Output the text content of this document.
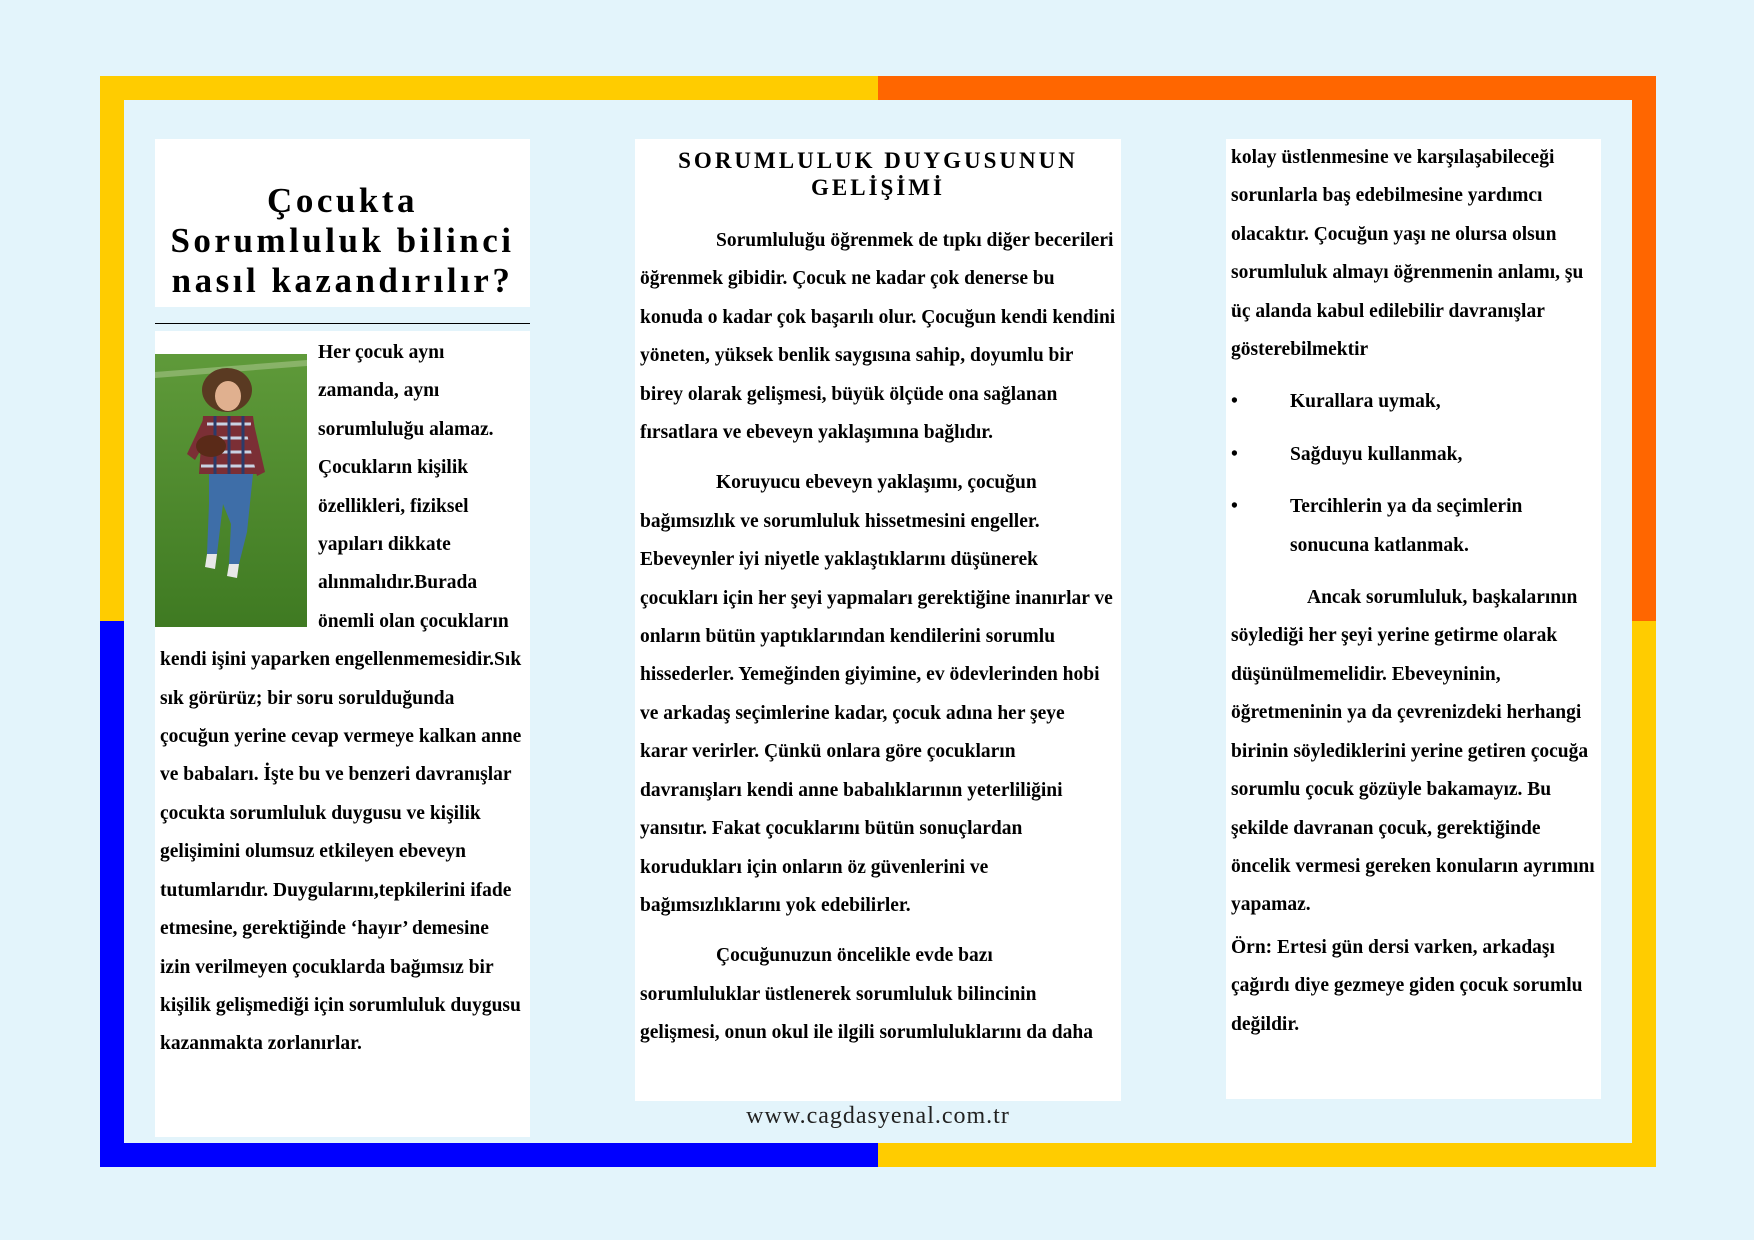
Çocukta Sorumluluk bilinci nasıl kazandırılır?
Her çocuk aynı zamanda, aynı sorumluluğu alamaz. Çocukların kişilik özellikleri, fiziksel yapıları dikkate alınmalıdır.Burada önemli olan çocukların kendi işini yaparken engellenmemesidir.Sık sık görürüz; bir soru sorulduğunda çocuğun yerine cevap vermeye kalkan anne ve babaları. İşte bu ve benzeri davranışlar çocukta sorumluluk duygusu ve kişilik gelişimini olumsuz etkileyen ebeveyn tutumlarıdır. Duygularını,tepkilerini ifade etmesine, gerektiğinde ‘hayır’ demesine izin verilmeyen çocuklarda bağımsız bir kişilik gelişmediği için sorumluluk duygusu kazanmakta zorlanırlar.
SORUMLULUK DUYGUSUNUN GELİŞİMİ

Sorumluluğu öğrenmek de tıpkı diğer becerileri öğrenmek gibidir. Çocuk ne kadar çok denerse bu konuda o kadar çok başarılı olur. Çocuğun kendi kendini yöneten, yüksek benlik saygısına sahip, doyumlu bir birey olarak gelişmesi, büyük ölçüde ona sağlanan fırsatlara ve ebeveyn yaklaşımına bağlıdır.

Koruyucu ebeveyn yaklaşımı, çocuğun bağımsızlık ve sorumluluk hissetmesini engeller. Ebeveynler iyi niyetle yaklaştıklarını düşünerek çocukları için her şeyi yapmaları gerektiğine inanırlar ve onların bütün yaptıklarından kendilerini sorumlu hissederler. Yemeğinden giyimine, ev ödevlerinden hobi ve arkadaş seçimlerine kadar, çocuk adına her şeye karar verirler. Çünkü onlara göre çocukların davranışları kendi anne babalıklarının yeterliliğini yansıtır. Fakat çocuklarını bütün sonuçlardan korudukları için onların öz güvenlerini ve bağımsızlıklarını yok edebilirler.

Çocuğunuzun öncelikle evde bazı sorumluluklar üstlenerek sorumluluk bilincinin gelişmesi, onun okul ile ilgili sorumluluklarını da daha

kolay üstlenmesine ve karşılaşabileceği sorunlarla baş edebilmesine yardımcı olacaktır. Çocuğun yaşı ne olursa olsun sorumluluk almayı öğrenmenin anlamı, şu üç alanda kabul edilebilir davranışlar gösterebilmektir

•	Kurallara uymak,
•	Sağduyu kullanmak,
•	Tercihlerin ya da seçimlerin sonucuna katlanmak.

Ancak sorumluluk, başkalarının söylediği her şeyi yerine getirme olarak düşünülmemelidir. Ebeveyninin, öğretmeninin ya da çevrenizdeki herhangi birinin söylediklerini yerine getiren çocuğa sorumlu çocuk gözüyle bakamayız. Bu şekilde davranan çocuk, gerektiğinde öncelik vermesi gereken konuların ayrımını yapamaz.

Örn: Ertesi gün dersi varken, arkadaşı çağırdı diye gezmeye giden çocuk sorumlu değildir.

www.cagdasyenal.com.tr
